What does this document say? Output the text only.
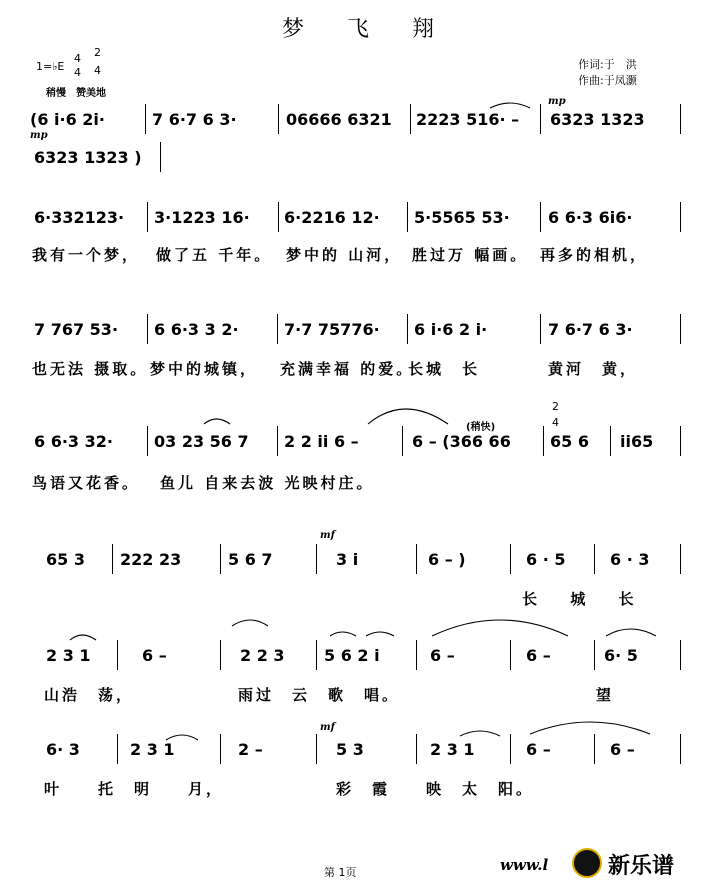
梦 飞 翔
1=♭E
4
4
2
4
稍慢　赞美地
作词:于　洪
作曲:于凤灏
(6 i·6 2i·	7 6·7 6 3·	06666 6321 2223 516· –
mp
6323 1323
mp
6323 1323 )
6·332123· 3·1223 16· 6·2216 12· 5·5565 53· 6 6·3 6i6·
我有一个梦， 做了五 千年。 梦中的 山河， 胜过万 幅画。 再多的相机，
7 767 53· 6 6·3 3 2·	7·7 75776· 6 i·6 2 i·	7 6·7 6 3·
也无法 摄取。 梦中的城镇， 充满幸福 的爱。
长城　长	黄河　黄，
6 6·3 32·	03 23 56 7 2 2 ii 6 –
(稍快)
6 – (366 66
2
4
65 6 ii65
鸟语又花香。 鱼儿 自来去波 光映村庄。
65 3 222 23	5 6 7
mf
3 i	6 – )	6 · 5	6 · 3
长 城 长
2 3 1	6 –	2 2 3 5 6 2 i	6 –	6 –	6· 5
山浩　荡，	雨过　云　歌　唱。	望
6· 3	2 3 1	2 –
mf
5 3	2 3 1	6 –	6 –
叶　　托　明　　月，	彩　霞　　映　太　阳。
第 1页	www.l	新乐谱
